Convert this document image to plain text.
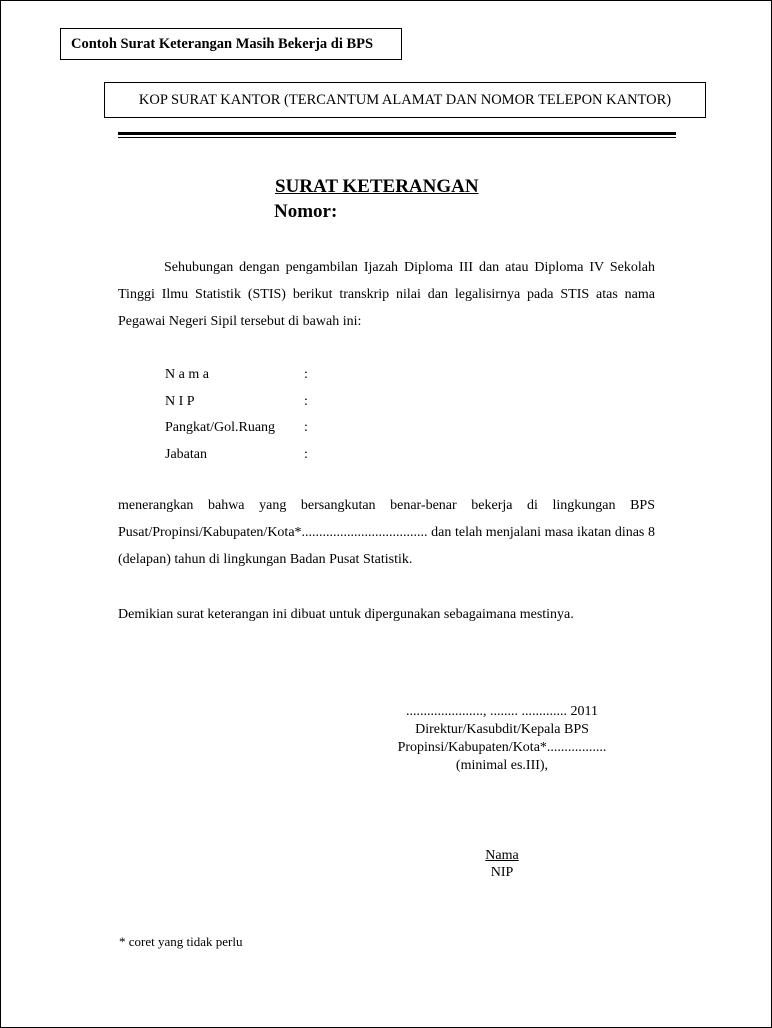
Contoh Surat Keterangan Masih Bekerja di BPS
KOP SURAT KANTOR (TERCANTUM ALAMAT DAN NOMOR TELEPON KANTOR)
SURAT KETERANGAN
Nomor:

Sehubungan dengan pengambilan Ijazah Diploma III dan atau Diploma IV Sekolah Tinggi Ilmu Statistik (STIS) berikut transkrip nilai dan legalisirnya pada STIS atas nama Pegawai Negeri Sipil tersebut di bawah ini:

N a m a	:
N I P	:
Pangkat/Gol.Ruang :
Jabatan	:

menerangkan bahwa yang bersangkutan benar-benar bekerja di lingkungan BPS Pusat/Propinsi/Kabupaten/Kota*.................................... dan telah menjalani masa ikatan dinas 8 (delapan) tahun di lingkungan Badan Pusat Statistik.

Demikian surat keterangan ini dibuat untuk dipergunakan sebagaimana mestinya.

......................, ........ ............. 2011
Direktur/Kasubdit/Kepala BPS
Propinsi/Kabupaten/Kota*.................
(minimal es.III),
Nama
NIP
* coret yang tidak perlu
